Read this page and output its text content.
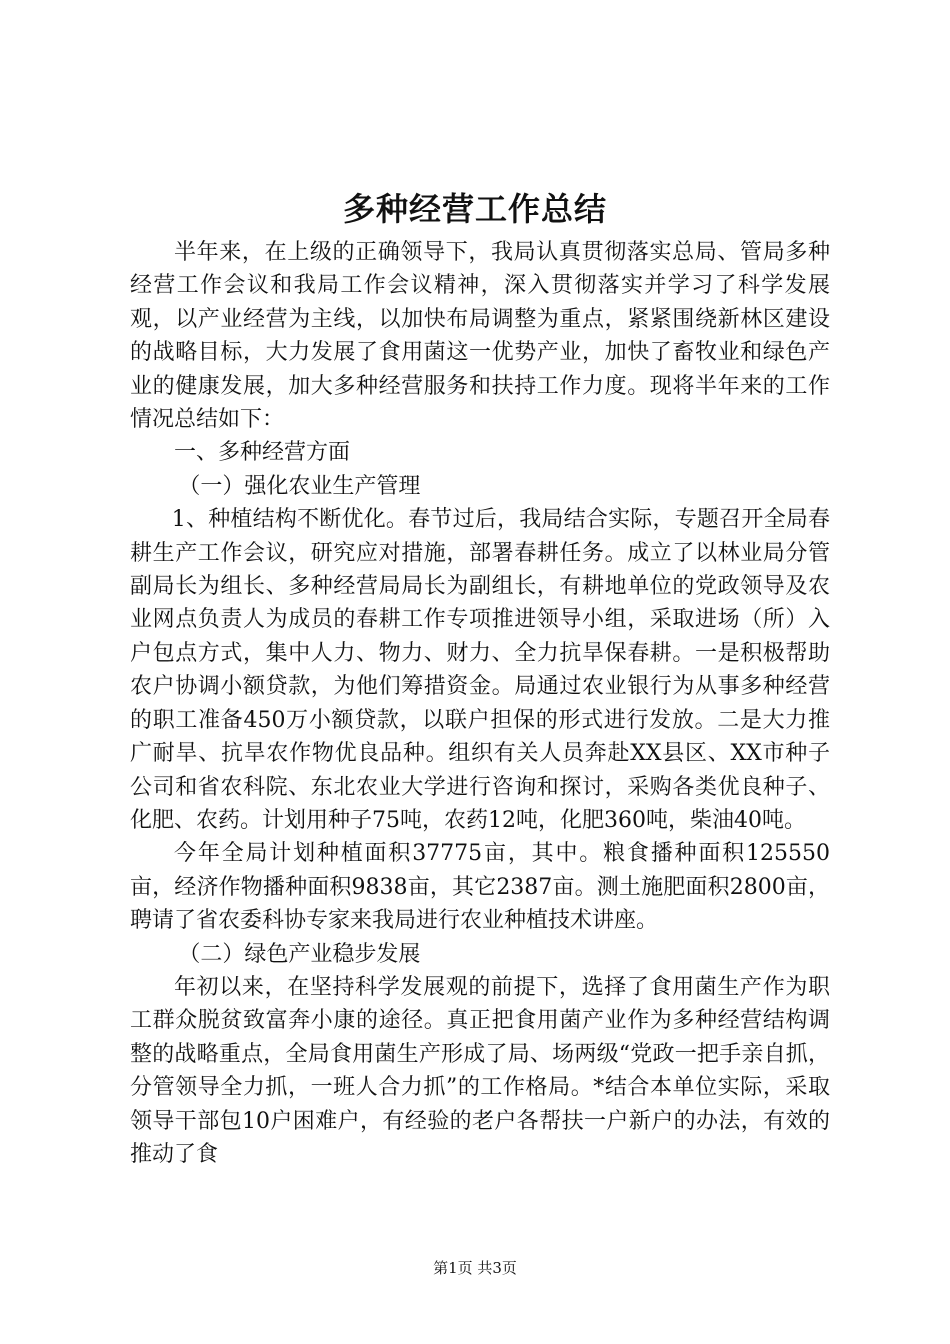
多种经营工作总结

半年来，在上级的正确领导下，我局认真贯彻落实总局、管局多种经营工作会议和我局工作会议精神，深入贯彻落实并学习了科学发展观，以产业经营为主线，以加快布局调整为重点，紧紧围绕新林区建设的战略目标，大力发展了食用菌这一优势产业，加快了畜牧业和绿色产业的健康发展，加大多种经营服务和扶持工作力度。现将半年来的工作情况总结如下：

一、多种经营方面

（一）强化农业生产管理

1、种植结构不断优化。春节过后，我局结合实际，专题召开全局春耕生产工作会议，研究应对措施，部署春耕任务。成立了以林业局分管副局长为组长、多种经营局局长为副组长，有耕地单位的党政领导及农业网点负责人为成员的春耕工作专项推进领导小组，采取进场（所）入户包点方式，集中人力、物力、财力、全力抗旱保春耕。一是积极帮助农户协调小额贷款，为他们筹措资金。局通过农业银行为从事多种经营的职工准备450万小额贷款，以联户担保的形式进行发放。二是大力推广耐旱、抗旱农作物优良品种。组织有关人员奔赴XX县区、XX市种子公司和省农科院、东北农业大学进行咨询和探讨，采购各类优良种子、化肥、农药。计划用种子75吨，农药12吨，化肥360吨，柴油40吨。

今年全局计划种植面积37775亩，其中。粮食播种面积125550亩，经济作物播种面积9838亩，其它2387亩。测土施肥面积2800亩，聘请了省农委科协专家来我局进行农业种植技术讲座。

（二）绿色产业稳步发展

年初以来，在坚持科学发展观的前提下，选择了食用菌生产作为职工群众脱贫致富奔小康的途径。真正把食用菌产业作为多种经营结构调整的战略重点，全局食用菌生产形成了局、场两级“党政一把手亲自抓，分管领导全力抓，一班人合力抓”的工作格局。*结合本单位实际，采取领导干部包10户困难户，有经验的老户各帮扶一户新户的办法，有效的推动了食

第1页 共3页
